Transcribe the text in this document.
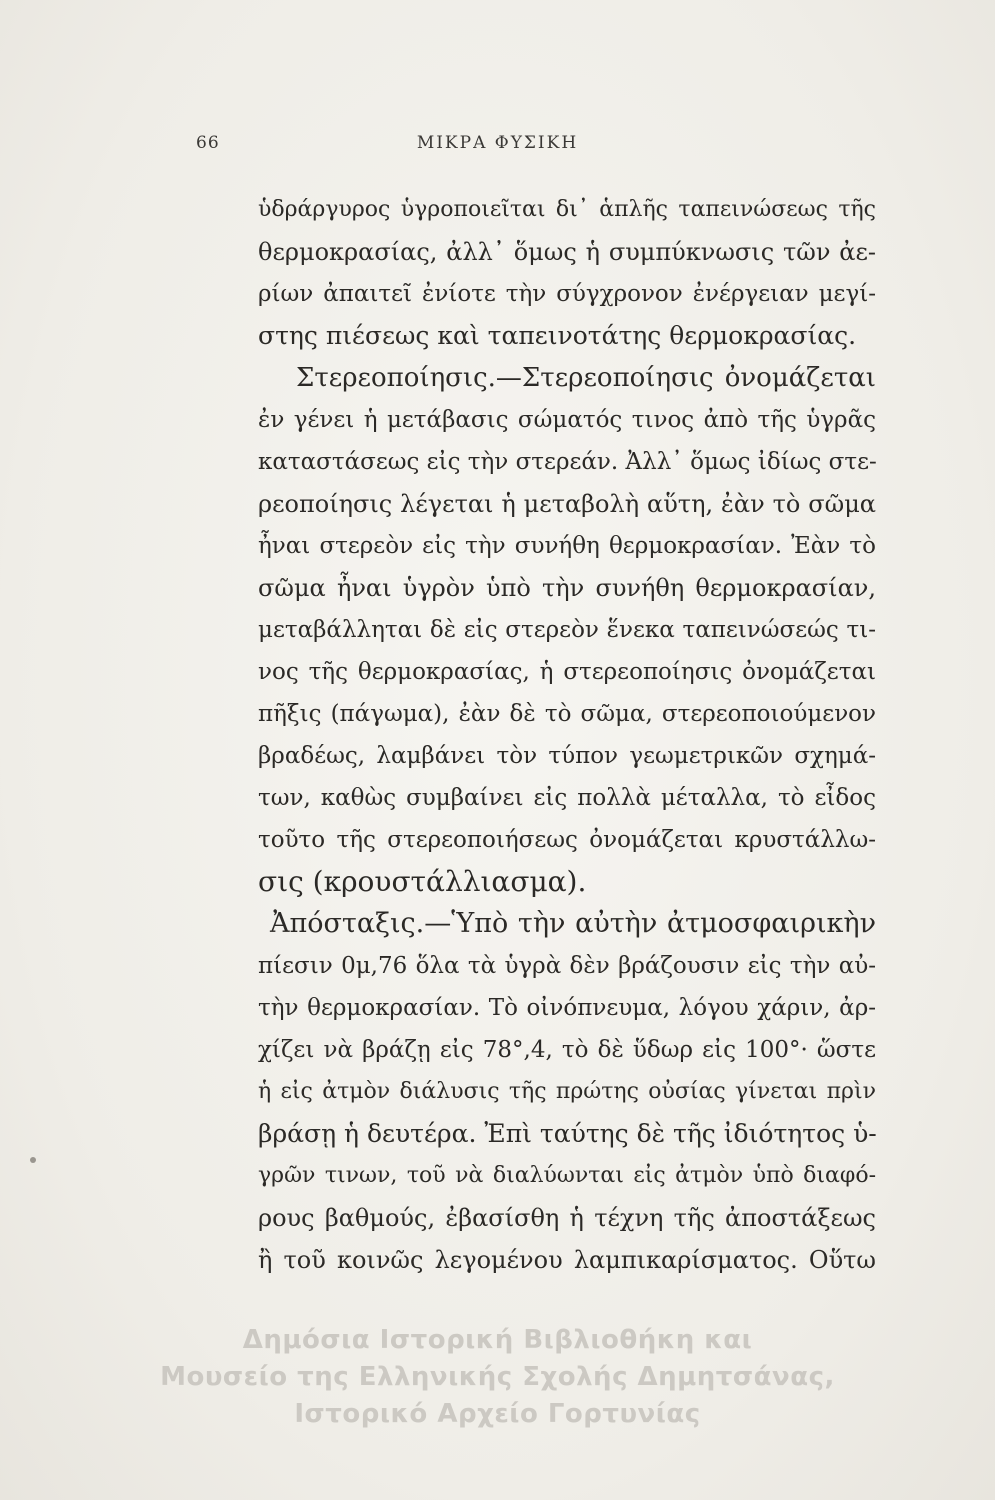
66	ΜΙΚΡΑ ΦΥΣΙΚΗ
ὑδράργυρος ὑγροποιεῖται δι᾽ ἁπλῆς ταπεινώσεως τῆς
θερμοκρασίας, ἀλλ᾽ ὅμως ἡ συμπύκνωσις τῶν ἀε-
ρίων ἀπαιτεῖ ἐνίοτε τὴν σύγχρονον ἐνέργειαν μεγί-
στης πιέσεως καὶ ταπεινοτάτης θερμοκρασίας.
Στερεοποίησις.—Στερεοποίησις ὀνομάζεται
ἐν γένει ἡ μετάβασις σώματός τινος ἀπὸ τῆς ὑγρᾶς
καταστάσεως εἰς τὴν στερεάν. Ἀλλ᾽ ὅμως ἰδίως στε-
ρεοποίησις λέγεται ἡ μεταβολὴ αὕτη, ἐὰν τὸ σῶμα
ἦναι στερεὸν εἰς τὴν συνήθη θερμοκρασίαν. Ἐὰν τὸ
σῶμα ἦναι ὑγρὸν ὑπὸ τὴν συνήθη θερμοκρασίαν,
μεταβάλληται δὲ εἰς στερεὸν ἕνεκα ταπεινώσεώς τι-
νος τῆς θερμοκρασίας, ἡ στερεοποίησις ὀνομάζεται
πῆξις (πάγωμα), ἐὰν δὲ τὸ σῶμα, στερεοποιούμενον
βραδέως, λαμβάνει τὸν τύπον γεωμετρικῶν σχημά-
των, καθὼς συμβαίνει εἰς πολλὰ μέταλλα, τὸ εἶδος
τοῦτο τῆς στερεοποιήσεως ὀνομάζεται κρυστάλλω-
σις (κρουστάλλιασμα).
Ἀπόσταξις.—Ὑπὸ τὴν αὐτὴν ἀτμοσφαιρικὴν
πίεσιν 0μ,76 ὅλα τὰ ὑγρὰ δὲν βράζουσιν εἰς τὴν αὐ-
τὴν θερμοκρασίαν. Τὸ οἰνόπνευμα, λόγου χάριν, ἀρ-
χίζει νὰ βράζῃ εἰς 78°,4, τὸ δὲ ὕδωρ εἰς 100°· ὥστε
ἡ εἰς ἀτμὸν διάλυσις τῆς πρώτης οὐσίας γίνεται πρὶν
βράσῃ ἡ δευτέρα. Ἐπὶ ταύτης δὲ τῆς ἰδιότητος ὑ-
γρῶν τινων, τοῦ νὰ διαλύωνται εἰς ἀτμὸν ὑπὸ διαφό-
ρους βαθμούς, ἐβασίσθη ἡ τέχνη τῆς ἀποστάξεως
ἢ τοῦ κοινῶς λεγομένου λαμπικαρίσματος. Οὕτω
Δημόσια Ιστορική Βιβλιοθήκη και
Μουσείο της Ελληνικής Σχολής Δημητσάνας,
Ιστορικό Αρχείο Γορτυνίας
